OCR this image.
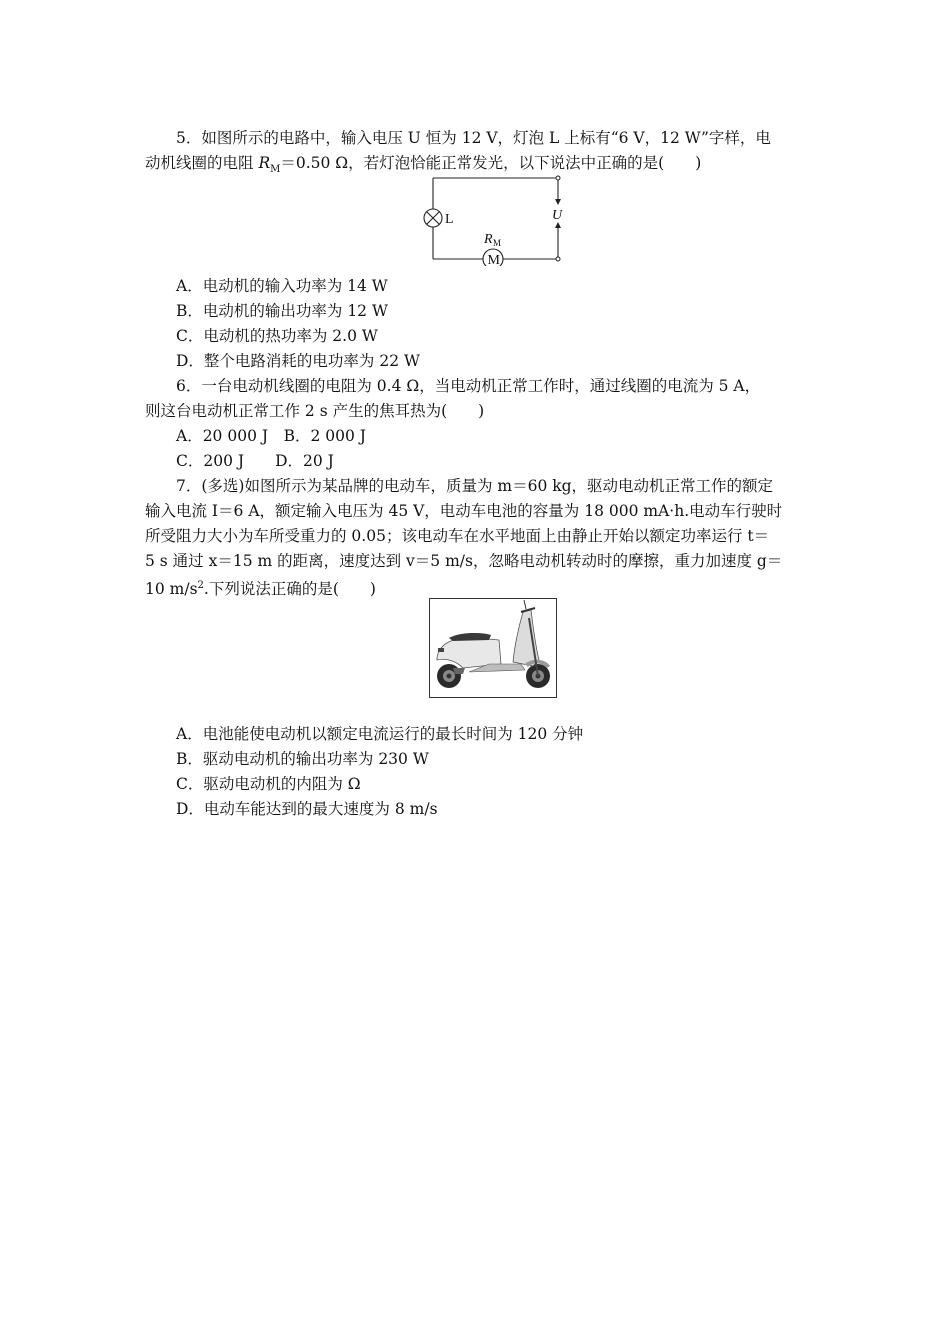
5．如图所示的电路中，输入电压 U 恒为 12 V，灯泡 L 上标有“6 V，12 W”字样，电
动机线圈的电阻 $R_M=0.50$ Ω，若灯泡恰能正常发光，以下说法中正确的是(　　)
L	U
R M
M
A．电动机的输入功率为 14 W
B．电动机的输出功率为 12 W
C．电动机的热功率为 2.0 W
D．整个电路消耗的电功率为 22 W
6．一台电动机线圈的电阻为 0.4 Ω，当电动机正常工作时，通过线圈的电流为 5 A，
则这台电动机正常工作 2 s 产生的焦耳热为(　　)
A．20 000 J　B．2 000 J
C．200 J　　D．20 J
7．(多选)如图所示为某品牌的电动车，质量为 m＝60 kg，驱动电动机正常工作的额定
输入电流 I＝6 A，额定输入电压为 45 V，电动车电池的容量为 18 000 mA·h.电动车行驶时
所受阻力大小为车所受重力的 0.05；该电动车在水平地面上由静止开始以额定功率运行 t＝
5 s 通过 x＝15 m 的距离，速度达到 v＝5 m/s，忽略电动机转动时的摩擦，重力加速度 g＝
10 $m/s^2$.下列说法正确的是(　　)
A．电池能使电动机以额定电流运行的最长时间为 120 分钟
B．驱动电动机的输出功率为 230 W
C．驱动电动机的内阻为 Ω
D．电动车能达到的最大速度为 8 m/s
